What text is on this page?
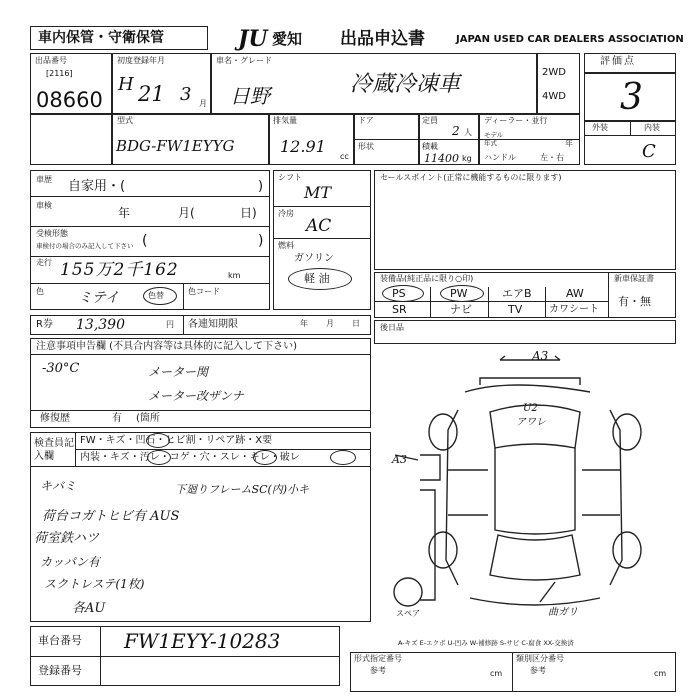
車内保管・守衛保管	JU 愛知 出品申込書	JAPAN USED CAR DEALERS ASSOCIATION
出品番号
[2116]
08660
初度登録年月
H 21 3 月
車名・グレード
日野	冷蔵冷凍車	2WD
4WD
評価点
3
型式
BDG-FW1EYYG
排気量
12.91
cc
ドア
形状
定員
2 人
積載
11400 kg
ディーラー・並行
モデル年式	年
ハンドル	左・右
外装	内装
C
車歴 自家用・(	)
車検
年	月(	日)
受検形態
車検付の場合のみ記入して下さい (	)
走行 155万2千162	km
色 ミテイ	色替	色コード
シフト
MT
冷房
AC
燃料
ガソリン
軽 油
R券 13,390	円 各連知期限	年 月 日
セールスポイント(正常に機能するものに限ります)
装備品(純正品に限り○印)	新車保証書
有・無
PS	PW	エアB	AW
SR	ナビ	TV	カワシート
後日品
注意事項申告欄 (不具合内容等は具体的に記入して下さい)
-30°C	メーター関
メーター改ザンナ
修復歴	有 (箇所
検査員記入欄
FW・キズ・凹石・ヒビ割・リペア跡・X要
内装・キズ・汚レ・コゲ・穴・スレ・キレ・破レ
キバミ	下廻りフレームSC(内)小キ
荷台コガトヒビ有 AUS
荷室鉄ハツ
カッパン有
スクトレステ(1枚)
各AU
車台番号 FW1EYY-10283
登録番号
A3
A3
U2
アワレ
スペア	曲ガリ
A-キズ E-エクボ U-凹み W-補修跡 S-サビ C-腐食 XX-交換済
形式指定番号
参考	cm
類別区分番号
参考	cm
